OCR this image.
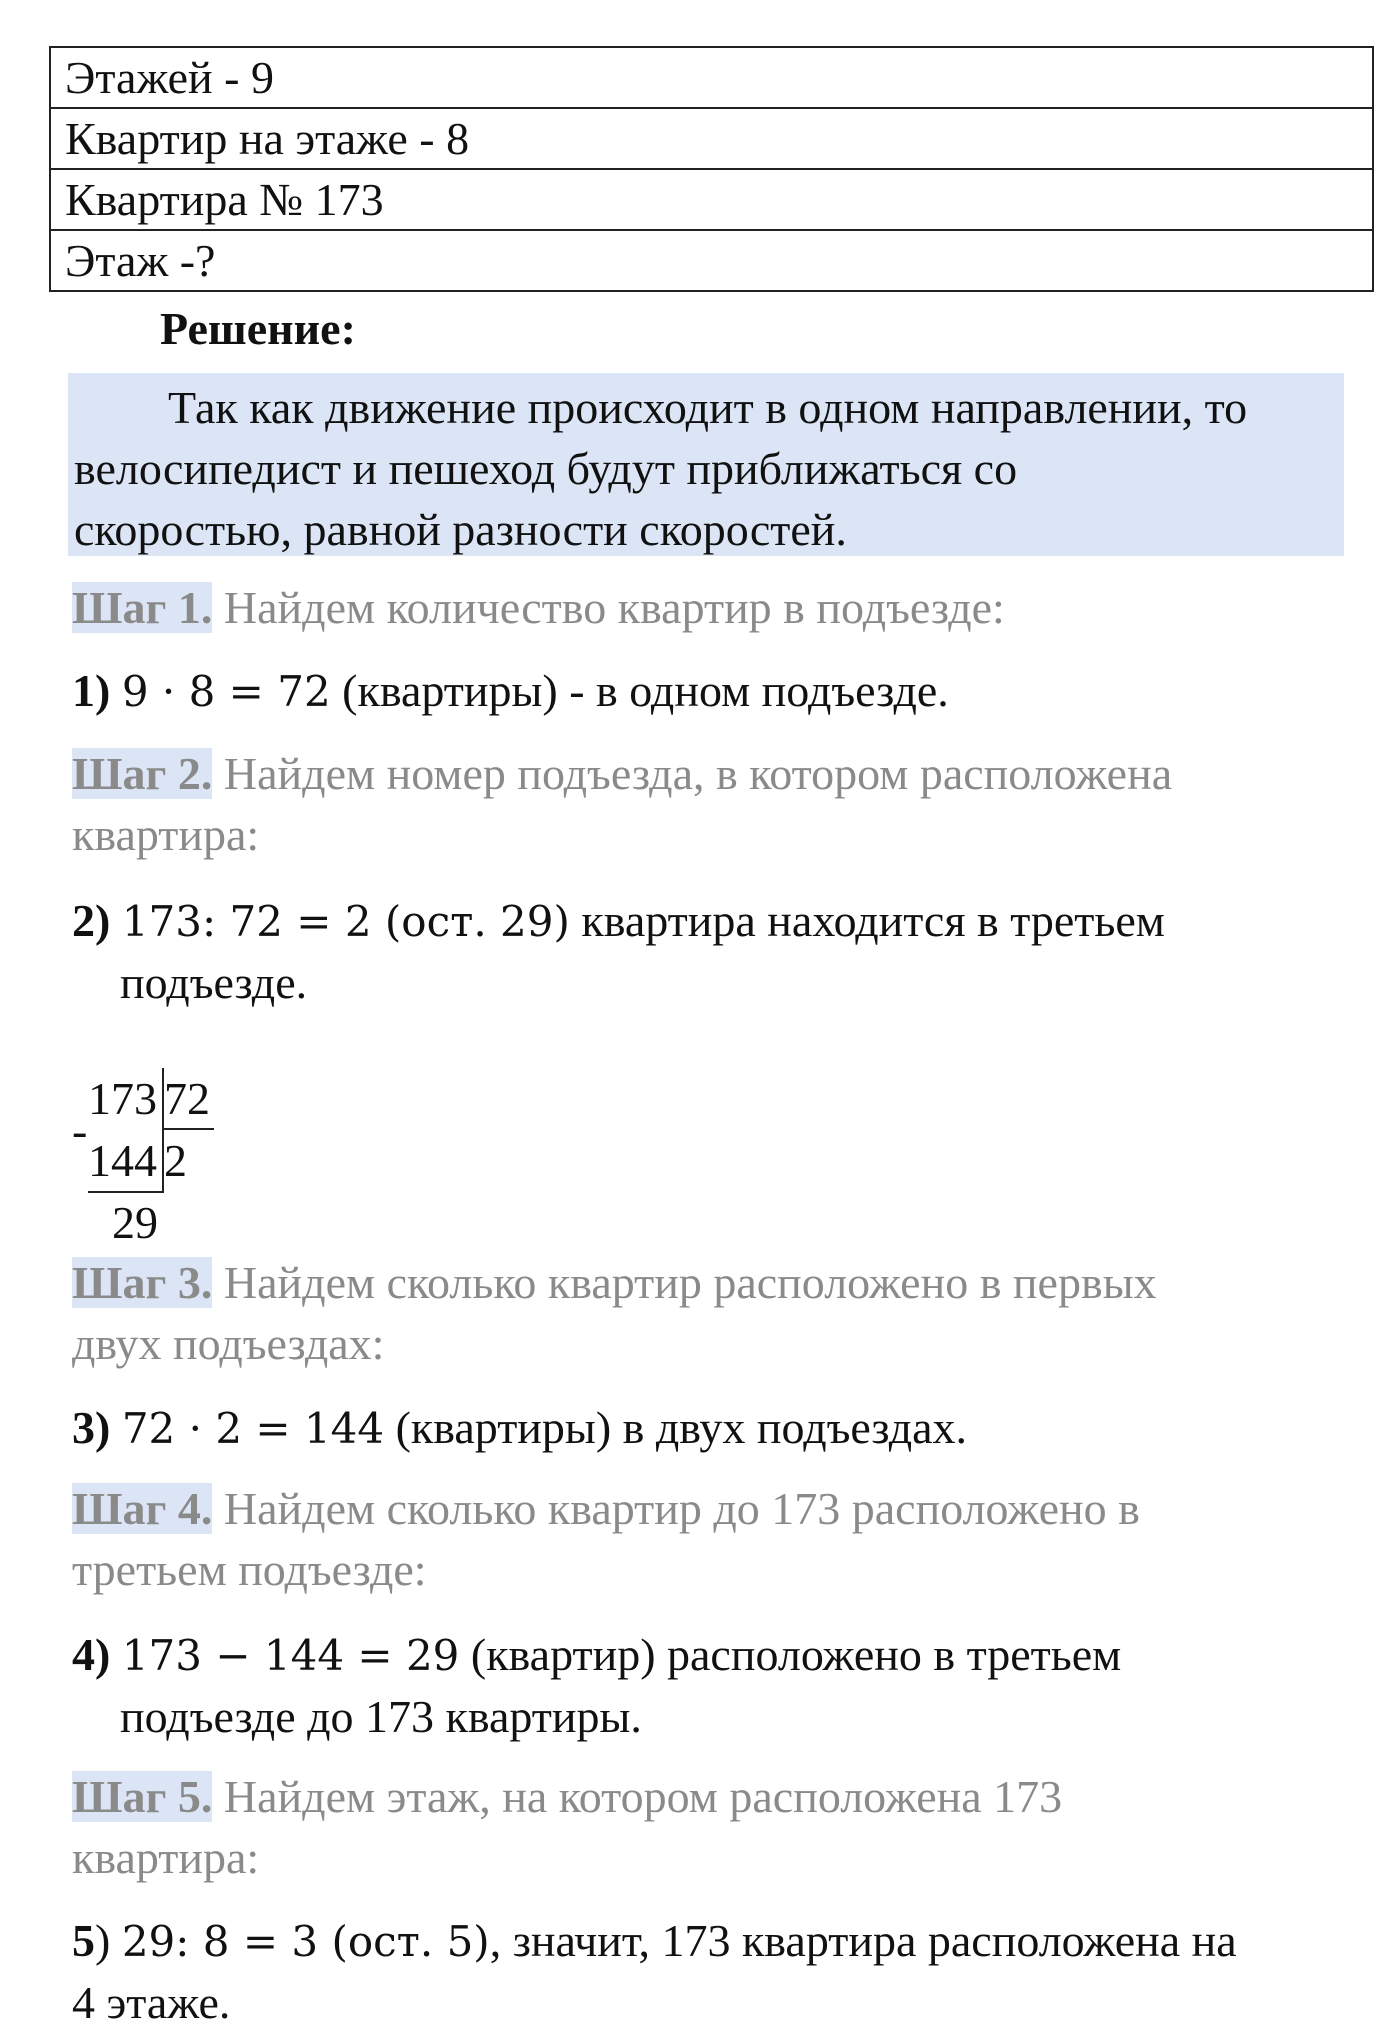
Этажей - 9
Квартир на этаже - 8
Квартира № 173
Этаж -?
Решение:

Так как движение происходит в одном направлении, то

велосипедист и пешеход будут приближаться со
скоростью, равной разности скоростей.
Шаг 1. Найдем количество квартир в подъезде:
1) 9 · 8 = 72 (квартиры) - в одном подъезде.
Шаг 2. Найдем номер подъезда, в котором расположена
квартира:
2) 173: 72 = 2 (ост. 29) квартира находится в третьем
подъезде.
173 72
-
144 2
29
Шаг 3. Найдем сколько квартир расположено в первых
двух подъездах:
3) 72 · 2 = 144 (квартиры) в двух подъездах.
Шаг 4. Найдем сколько квартир до 173 расположено в
третьем подъезде:
4) 173 − 144 = 29 (квартир) расположено в третьем
подъезде до 173 квартиры.
Шаг 5. Найдем этаж, на котором расположена 173
квартира:
5) 29: 8 = 3 (ост. 5), значит, 173 квартира расположена на
4 этаже.
